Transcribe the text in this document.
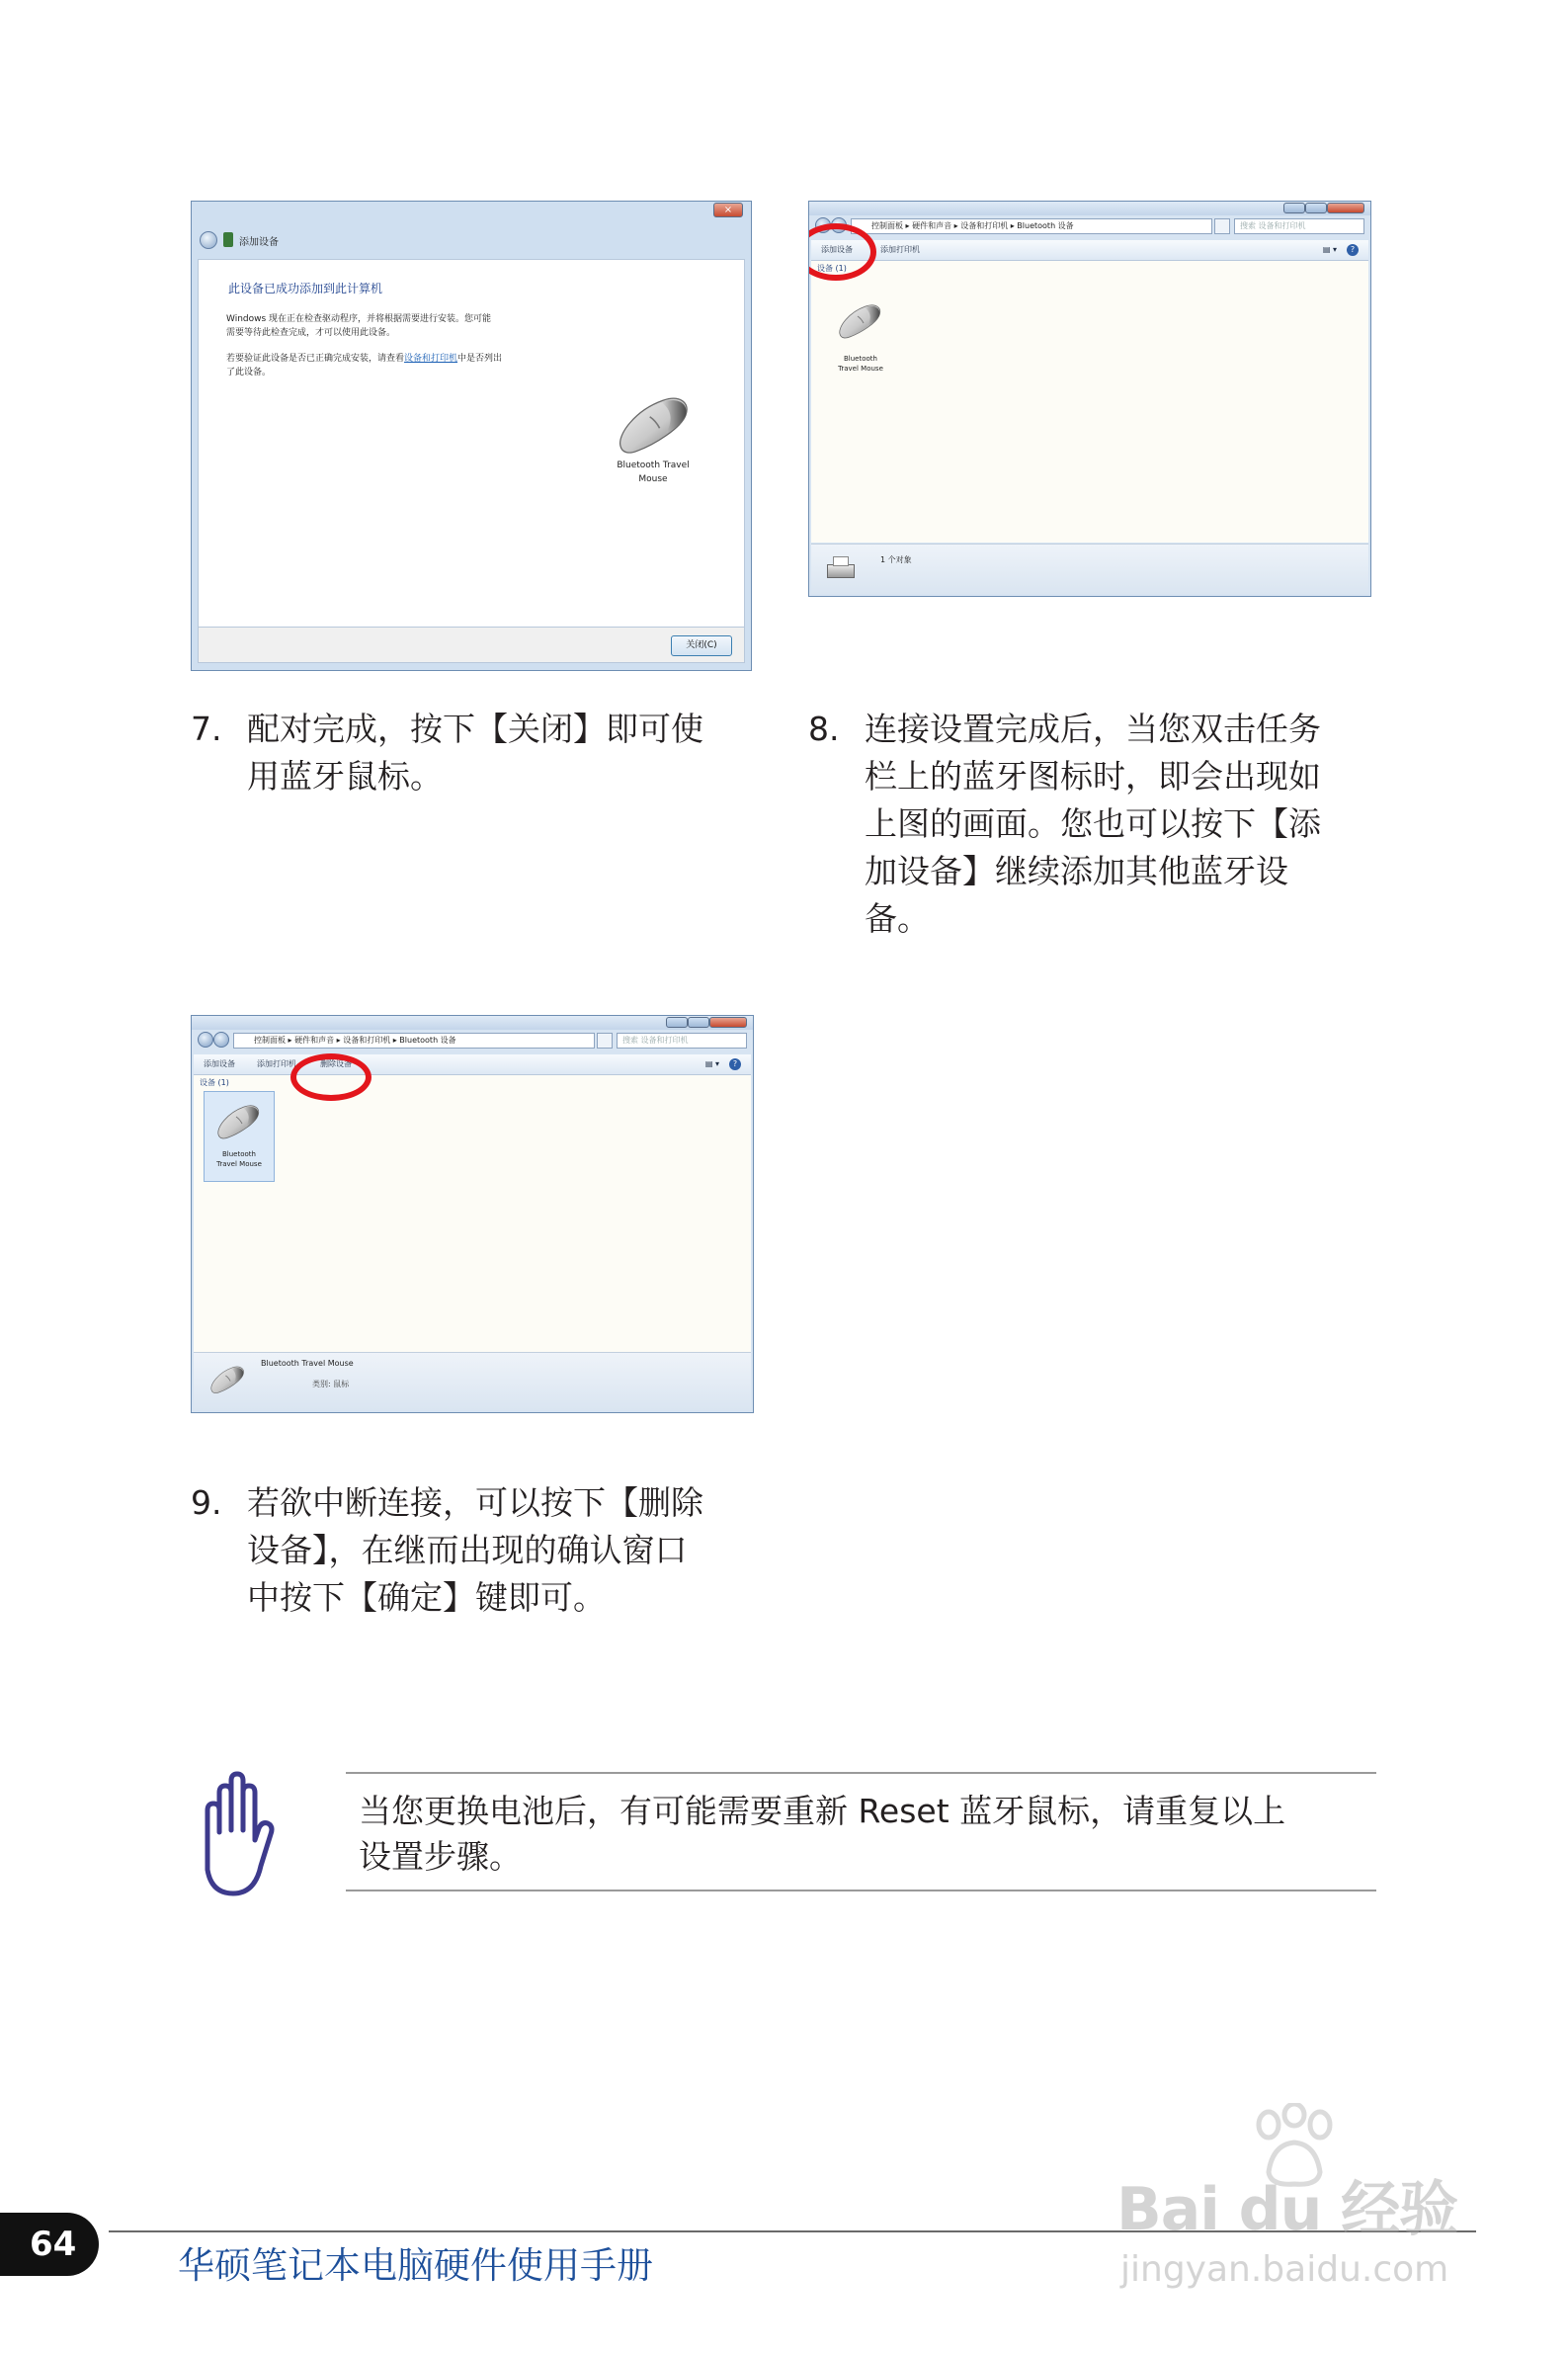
×
添加设备
此设备已成功添加到此计算机
Windows 现在正在检查驱动程序，并将根据需要进行安装。您可能
需要等待此检查完成，才可以使用此设备。
若要验证此设备是否已正确完成安装，请查看设备和打印机中是否列出
了此设备。
Bluetooth Travel
Mouse
关闭(C)
控制面板 ▸ 硬件和声音 ▸ 设备和打印机 ▸ Bluetooth 设备	搜索 设备和打印机
添加设备	添加打印机	▤ ▾	?
设备 (1)
Bluetooth
Travel Mouse
1 个对象
控制面板 ▸ 硬件和声音 ▸ 设备和打印机 ▸ Bluetooth 设备	搜索 设备和打印机
添加设备	添加打印机	删除设备	▤ ▾	?
设备 (1)
Bluetooth
Travel Mouse
Bluetooth Travel Mouse
类别: 鼠标
7. 配对完成，按下【关闭】即可使
用蓝牙鼠标。
8. 连接设置完成后，当您双击任务
栏上的蓝牙图标时，即会出现如
上图的画面。您也可以按下【添
加设备】继续添加其他蓝牙设
备。
9. 若欲中断连接，可以按下【删除
设备】，在继而出现的确认窗口
中按下【确定】键即可。
当您更换电池后，有可能需要重新 Reset 蓝牙鼠标，请重复以上
设置步骤。
64	华硕笔记本电脑硬件使用手册
Bai du 经验
jingyan.baidu.com
